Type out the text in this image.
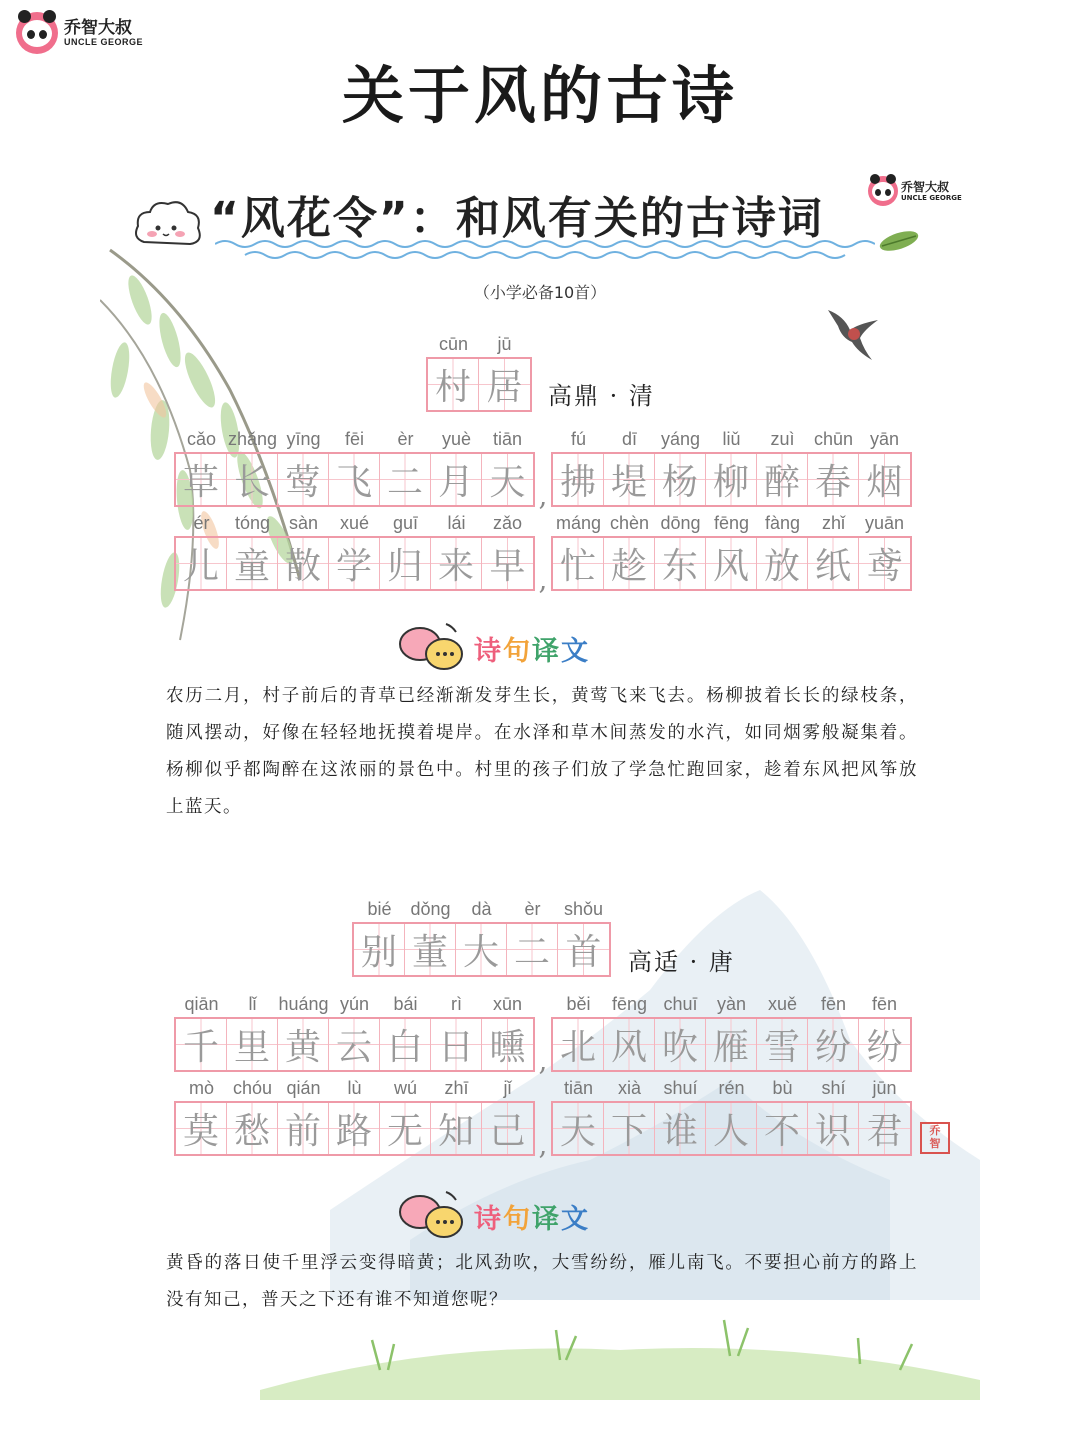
乔智大叔
UNCLE GEORGE
关于风的古诗
“风花令”：和风有关的古诗词
乔智大叔
UNCLE GEORGE
（小学必备10首）
乔
智
cūn
村
jū
居	高鼎 · 清
cǎo
草
zhǎng
长
yīng
莺
fēi
飞
èr
二
yuè
月
tiān
天 ,
fú
拂
dī
堤
yáng
杨
liǔ
柳
zuì
醉
chūn
春
yān
烟
ér
儿
tóng
童
sàn
散
xué
学
guī
归
lái
来
zǎo
早 ,
máng
忙
chèn
趁
dōng
东
fēng
风
fàng
放
zhǐ
纸
yuān
鸢
诗句译文
农历二月，村子前后的青草已经渐渐发芽生长，黄莺飞来飞去。杨柳披着长长的绿枝条，随风摆动，好像在轻轻地抚摸着堤岸。在水泽和草木间蒸发的水汽，如同烟雾般凝集着。杨柳似乎都陶醉在这浓丽的景色中。村里的孩子们放了学急忙跑回家，趁着东风把风筝放上蓝天。
bié
别
dǒng
董
dà
大
èr
二
shǒu
首	高适 · 唐
qiān
千
lǐ
里
huáng
黄
yún
云
bái
白
rì
日
xūn
曛 ,
běi
北
fēng
风
chuī
吹
yàn
雁
xuě
雪
fēn
纷
fēn
纷
mò
莫
chóu
愁
qián
前
lù
路
wú
无
zhī
知
jǐ
己 ,
tiān
天
xià
下
shuí
谁
rén
人
bù
不
shí
识
jūn
君
诗句译文
黄昏的落日使千里浮云变得暗黄；北风劲吹，大雪纷纷，雁儿南飞。不要担心前方的路上没有知己，普天之下还有谁不知道您呢？
